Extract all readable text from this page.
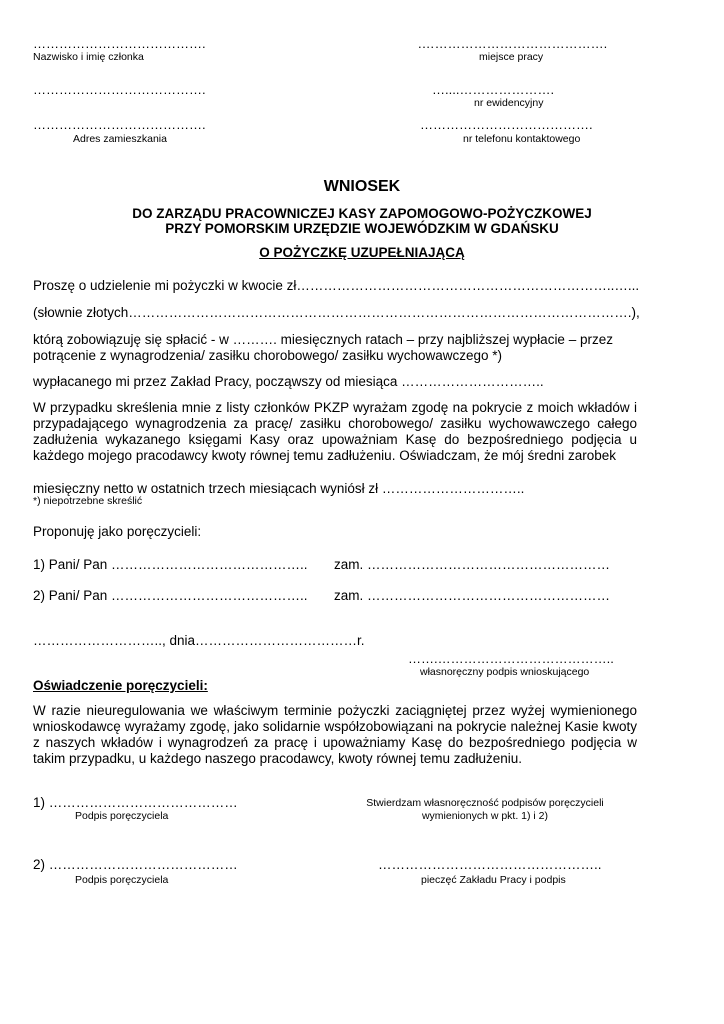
………………………………….
Nazwisko i imię członka
.…………………………………….
miejsce pracy
………………………………….	…....………………….
nr ewidencyjny
………………………………….
Adres zamieszkania
………………………………….
nr telefonu kontaktowego
WNIOSEK
DO ZARZĄDU PRACOWNICZEJ KASY ZAPOMOGOWO-POŻYCZKOWEJ
PRZY POMORSKIM URZĘDZIE WOJEWÓDZKIM W GDAŃSKU
O POŻYCZKĘ UZUPEŁNIAJĄCĄ
Proszę o udzielenie mi pożyczki w kwocie zł……………………………………………………………..…...
(słownie złotych………………………………………………………………………………………………….),
którą zobowiązuję się spłacić - w ………. miesięcznych ratach – przy najbliższej wypłacie – przez
potrącenie z wynagrodzenia/ zasiłku chorobowego/ zasiłku wychowawczego *)
wypłacanego mi przez Zakład Pracy, począwszy od miesiąca …………………………..

W przypadku skreślenia mnie z listy członków PKZP wyrażam zgodę na pokrycie z moich wkładów i przypadającego wynagrodzenia za pracę/ zasiłku chorobowego/ zasiłku wychowawczego całego zadłużenia wykazanego księgami Kasy oraz upoważniam Kasę do bezpośredniego podjęcia u każdego mojego pracodawcy kwoty równej temu zadłużeniu. Oświadczam, że mój średni zarobek

miesięczny netto w ostatnich trzech miesiącach wyniósł zł …………………………..
*) niepotrzebne skreślić
Proponuję jako poręczycieli:
1) Pani/ Pan …………………………………….. zam. ………………………………………………
2) Pani/ Pan …………………………………….. zam. ………………………………………………
……………………….., dnia………………………………r.
…….…………………………………..
własnoręczny podpis wnioskującego
Oświadczenie poręczycieli:

W razie nieuregulowania we właściwym terminie pożyczki zaciągniętej przez wyżej wymienionego wnioskodawcę wyrażamy zgodę, jako solidarnie współzobowiązani na pokrycie należnej Kasie kwoty z naszych wkładów i wynagrodzeń za pracę i upoważniamy Kasę do bezpośredniego podjęcia w takim przypadku, u każdego naszego pracodawcy, kwoty równej temu zadłużeniu.

1) ……………………………………
Podpis poręczyciela
Stwierdzam własnoręczność podpisów poręczycieli
wymienionych w pkt. 1) i 2)
2) ……………………………………
Podpis poręczyciela
…………………………………………..
pieczęć Zakładu Pracy i podpis
